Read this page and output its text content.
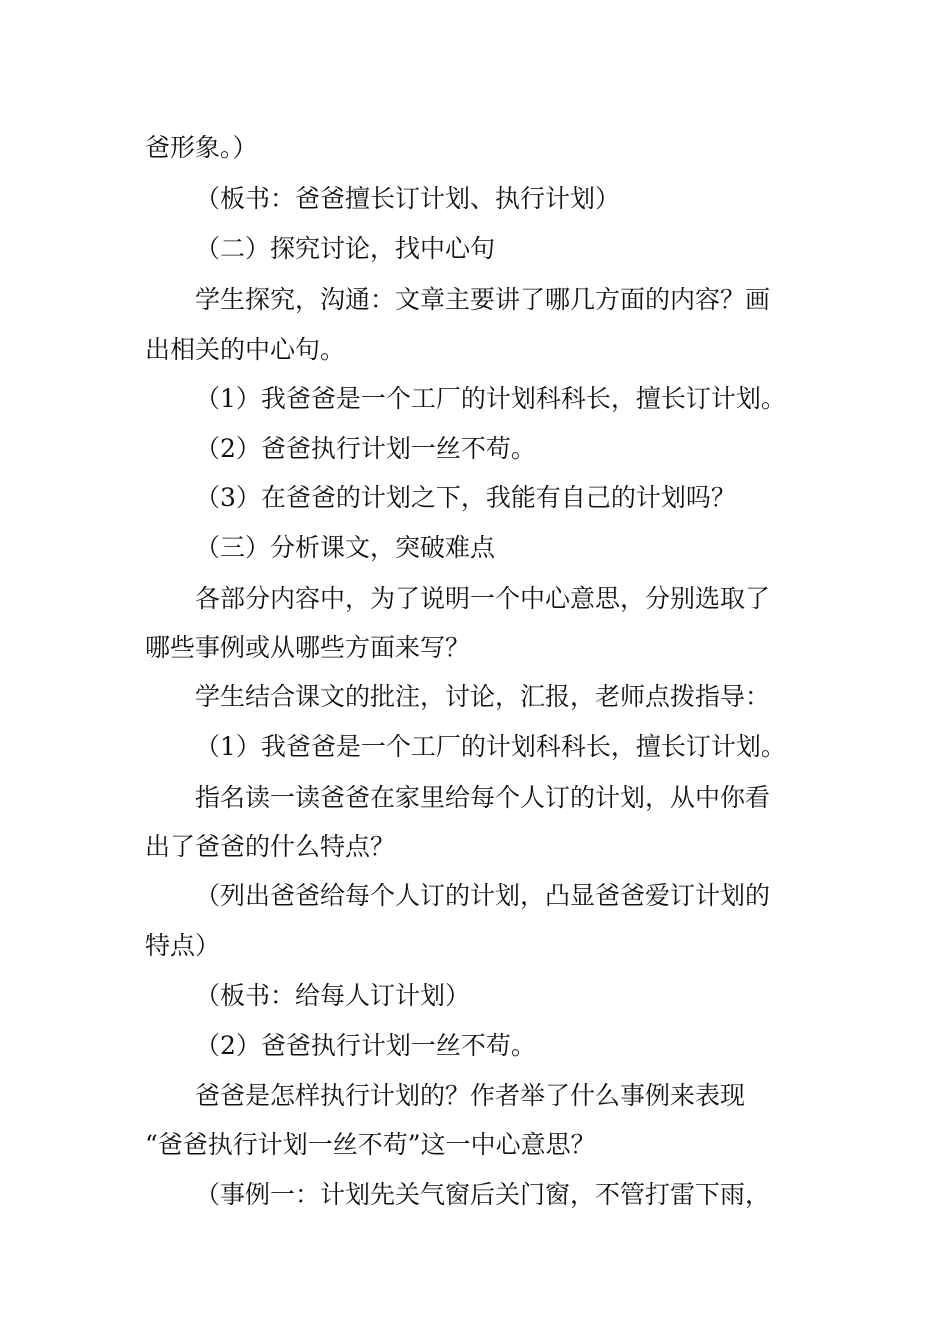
爸形象。）
（板书：爸爸擅长订计划、执行计划）
（二）探究讨论，找中心句
学生探究，沟通：文章主要讲了哪几方面的内容？画
出相关的中心句。
（1）我爸爸是一个工厂的计划科科长，擅长订计划。
（2）爸爸执行计划一丝不苟。
（3）在爸爸的计划之下，我能有自己的计划吗？
（三）分析课文，突破难点
各部分内容中，为了说明一个中心意思，分别选取了
哪些事例或从哪些方面来写？
学生结合课文的批注，讨论，汇报，老师点拨指导：
（1）我爸爸是一个工厂的计划科科长，擅长订计划。
指名读一读爸爸在家里给每个人订的计划，从中你看
出了爸爸的什么特点？
（列出爸爸给每个人订的计划，凸显爸爸爱订计划的
特点）
（板书：给每人订计划）
（2）爸爸执行计划一丝不苟。
爸爸是怎样执行计划的？作者举了什么事例来表现
“爸爸执行计划一丝不苟”这一中心意思？
（事例一：计划先关气窗后关门窗，不管打雷下雨，
